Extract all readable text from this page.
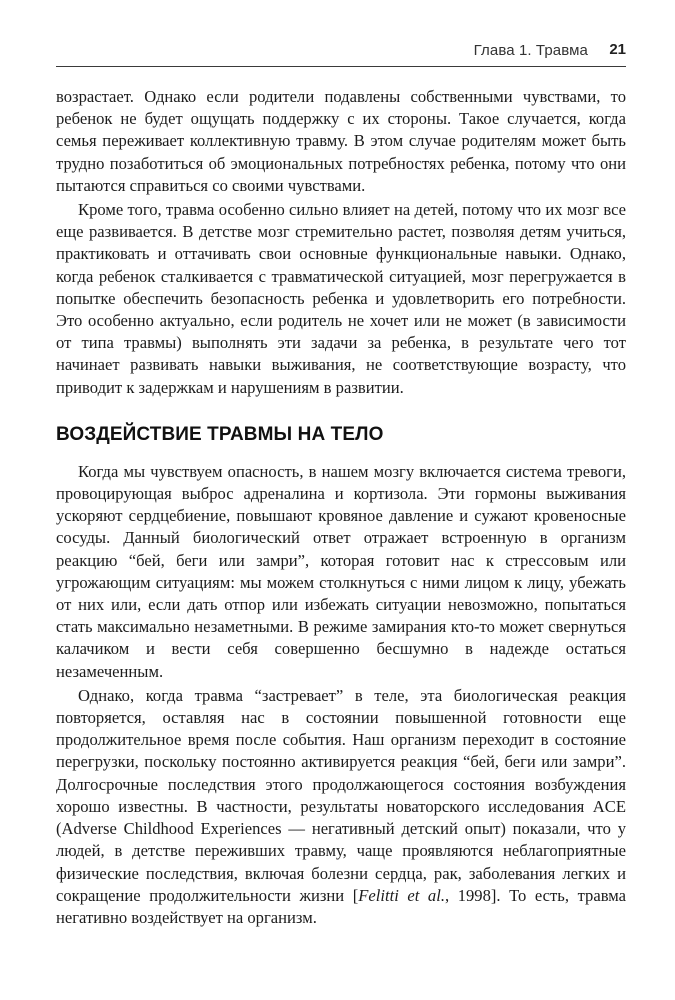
Глава 1. Травма 21

возрастает. Однако если родители подавлены собственными чувствами, то ребенок не будет ощущать поддержку с их стороны. Такое случается, когда семья переживает коллективную травму. В этом случае родителям может быть трудно позаботиться об эмоциональных потребностях ребенка, потому что они пытаются справиться со своими чувствами.

Кроме того, травма особенно сильно влияет на детей, потому что их мозг все еще развивается. В детстве мозг стремительно растет, позволяя детям учиться, практиковать и оттачивать свои основные функциональные навыки. Однако, когда ребенок сталкивается с травматической ситуацией, мозг перегружается в попытке обеспечить безопасность ребенка и удовлетворить его потребности. Это особенно актуально, если родитель не хочет или не может (в зависимости от типа травмы) выполнять эти задачи за ребенка, в результате чего тот начинает развивать навыки выживания, не соответствующие возрасту, что приводит к задержкам и нарушениям в развитии.

ВОЗДЕЙСТВИЕ ТРАВМЫ НА ТЕЛО

Когда мы чувствуем опасность, в нашем мозгу включается система тревоги, провоцирующая выброс адреналина и кортизола. Эти гормоны выживания ускоряют сердцебиение, повышают кровяное давление и сужают кровеносные сосуды. Данный биологический ответ отражает встроенную в организм реакцию “бей, беги или замри”, которая готовит нас к стрессовым или угрожающим ситуациям: мы можем столкнуться с ними лицом к лицу, убежать от них или, если дать отпор или избежать ситуации невозможно, попытаться стать максимально незаметными. В режиме замирания кто-то может свернуться калачиком и вести себя совершенно бесшумно в надежде остаться незамеченным.

Однако, когда травма “застревает” в теле, эта биологическая реакция повторяется, оставляя нас в состоянии повышенной готовности еще продолжительное время после события. Наш организм переходит в состояние перегрузки, поскольку постоянно активируется реакция “бей, беги или замри”. Долгосрочные последствия этого продолжающегося состояния возбуждения хорошо известны. В частности, результаты новаторского исследования ACE (Adverse Childhood Experiences — негативный детский опыт) показали, что у людей, в детстве переживших травму, чаще проявляются неблагоприятные физические последствия, включая болезни сердца, рак, заболевания легких и сокращение продолжительности жизни [Felitti et al., 1998]. То есть, травма негативно воздействует на организм.
